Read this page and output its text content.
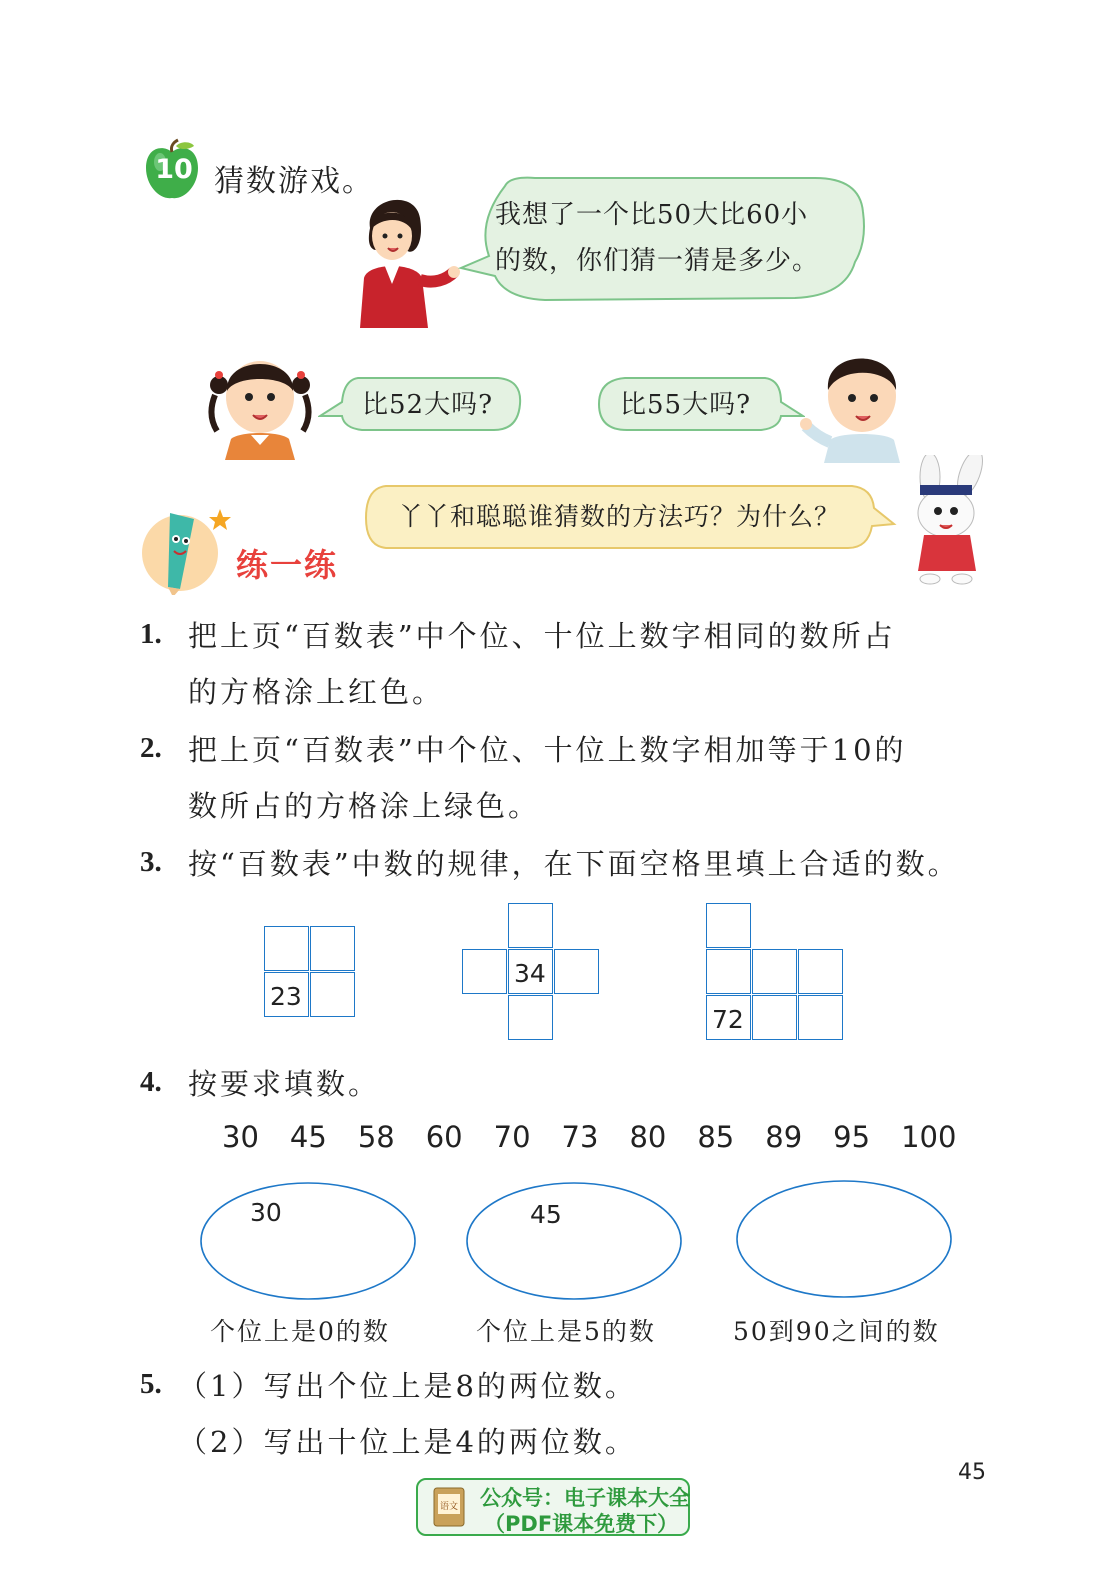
10 猜数游戏。
我想了一个比50大比60小
的数，你们猜一猜是多少。
比52大吗?	比55大吗?
练一练
丫丫和聪聪谁猜数的方法巧？为什么？
1. 把上页“百数表”中个位、十位上数字相同的数所占
的方格涂上红色。
2. 把上页“百数表”中个位、十位上数字相加等于10的
数所占的方格涂上绿色。
3. 按“百数表”中数的规律，在下面空格里填上合适的数。
23
34
72
4. 按要求填数。
30 45 58 60 70 73 80 85 89 95 100
30
个位上是0的数
45
个位上是5的数	50到90之间的数
5. （1）写出个位上是8的两位数。
（2）写出十位上是4的两位数。
45
语文 公众号：电子课本大全
（PDF课本免费下）
